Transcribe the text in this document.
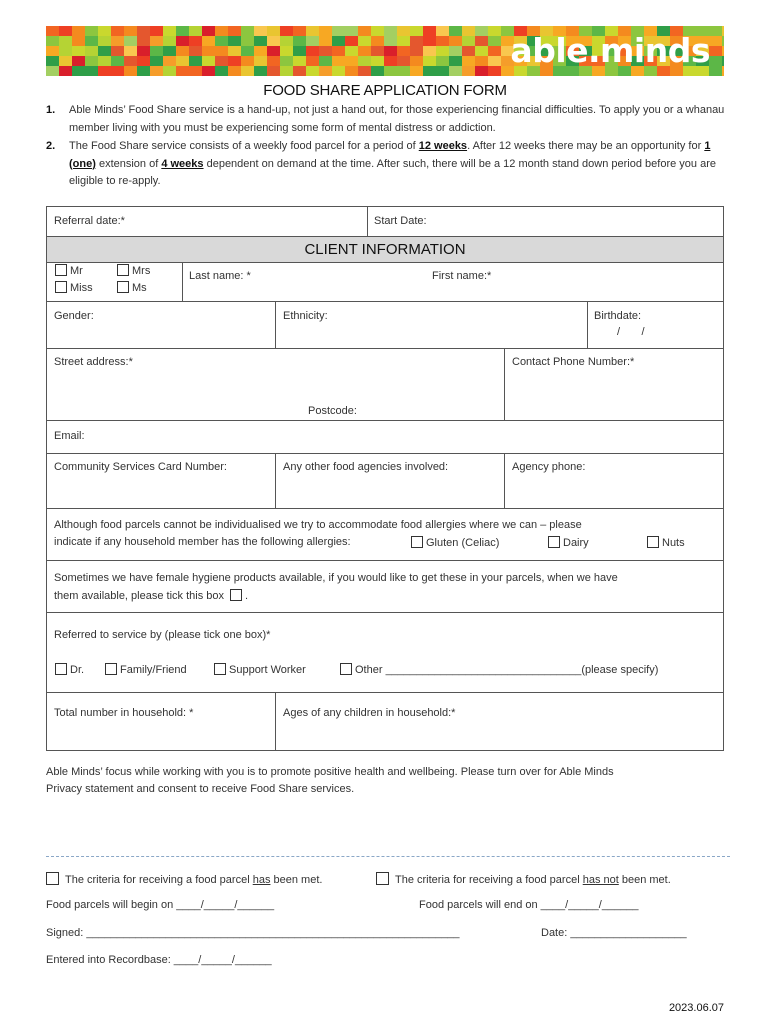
able.minds
FOOD SHARE APPLICATION FORM
1. Able Minds’ Food Share service is a hand-up, not just a hand out, for those experiencing financial difficulties. To apply you or a whanau member living with you must be experiencing some form of mental distress or addiction.
2. The Food Share service consists of a weekly food parcel for a period of 12 weeks. After 12 weeks there may be an opportunity for 1 (one) extension of 4 weeks dependent on demand at the time. After such, there will be a 12 month stand down period before you are eligible to re-apply.
CLIENT INFORMATION
Referral date:*	Start Date:
Mr	Mrs
Miss	Ms
Last name: *	First name:*
Gender:	Ethnicity:	Birthdate:
/       /
Street address:*
Postcode:
Contact Phone Number:*
Email:
Community Services Card Number:	Any other food agencies involved:	Agency phone:
Although food parcels cannot be individualised we try to accommodate food allergies where we can – please
indicate if any household member has the following allergies:	Gluten (Celiac)	Dairy	Nuts
Sometimes we have female hygiene products available, if you would like to get these in your parcels, when we have
them available, please tick this box .
Referred to service by (please tick one box)*
Dr.	Family/Friend	Support Worker	Other ________________________________(please specify)
Total number in household: *	Ages of any children in household:*
Able Minds’ focus while working with you is to promote positive health and wellbeing. Please turn over for Able Minds
Privacy statement and consent to receive Food Share services.
The criteria for receiving a food parcel has been met.	The criteria for receiving a food parcel has not been met.
Food parcels will begin on ____/_____/______	Food parcels will end on ____/_____/______
Signed: _____________________________________________________________	Date: ___________________
Entered into Recordbase: ____/_____/______
2023.06.07
